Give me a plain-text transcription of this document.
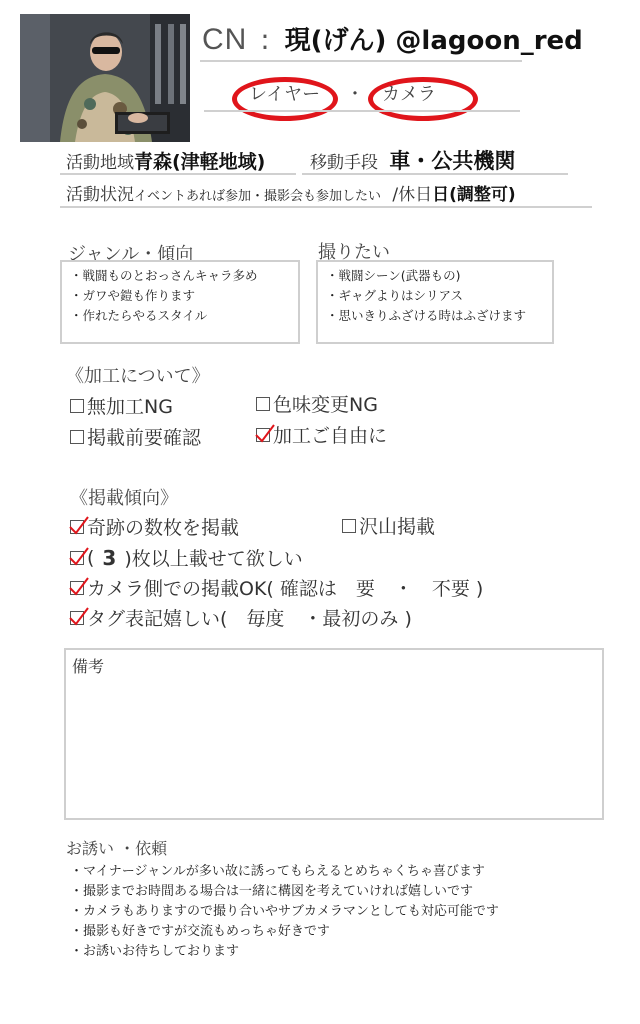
CN : 現(げん) @lagoon_red
レイヤー ・ カメラ
活動地域青森(津軽地域)	移動手段 車・公共機関
活動状況イベントあれば参加・撮影会も参加したい /休日日(調整可)
ジャンル・傾向
・戦闘ものとおっさんキャラ多め
・ガワや鎧も作ります
・作れたらやるスタイル
撮りたい
・戦闘シーン(武器もの)
・ギャグよりはシリアス
・思いきりふざける時はふざけます
《加工について》
無加工NG	色味変更NG
掲載前要確認	加工ご自由に
《掲載傾向》
奇跡の数枚を掲載	沢山掲載
( 3 )枚以上載せて欲しい
カメラ側での掲載OK( 確認は　要　・　不要 )
タグ表記嬉しい(　毎度　・最初のみ )
備考
お誘い ・依頼
・マイナージャンルが多い故に誘ってもらえるとめちゃくちゃ喜びます
・撮影までお時間ある場合は一緒に構図を考えていければ嬉しいです
・カメラもありますので撮り合いやサブカメラマンとしても対応可能です
・撮影も好きですが交流もめっちゃ好きです
・お誘いお待ちしております
